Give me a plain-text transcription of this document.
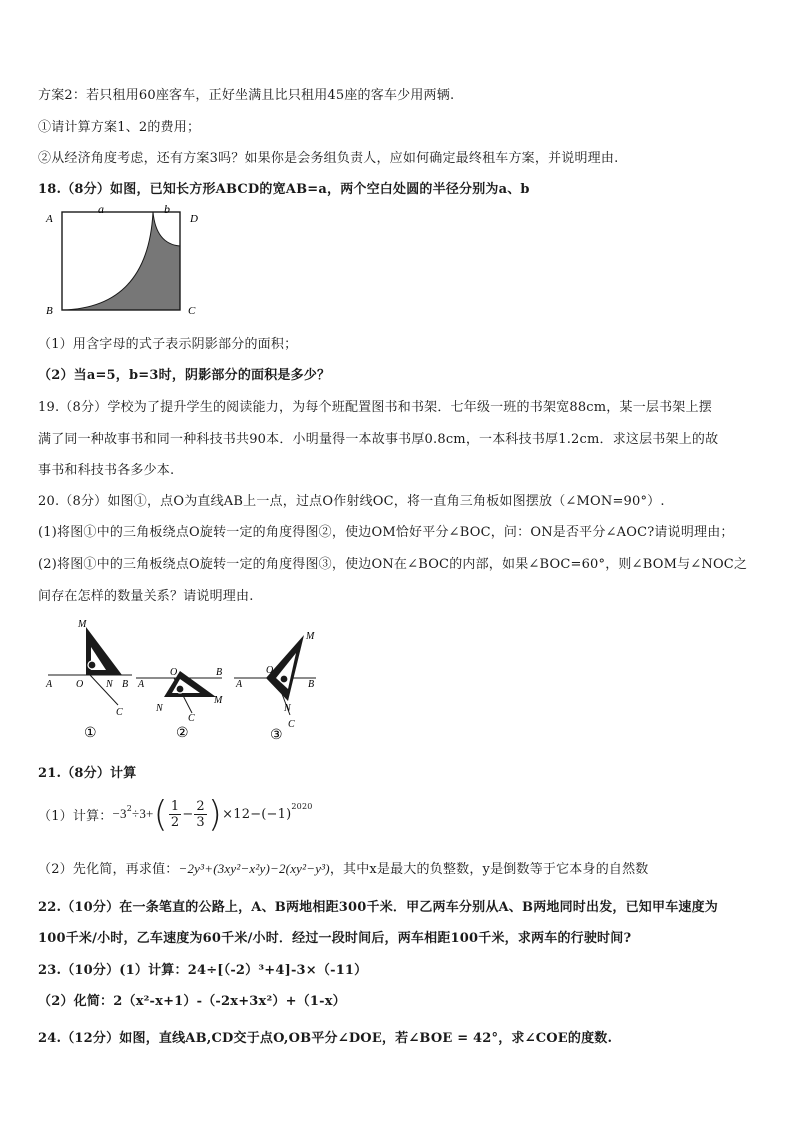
方案2：若只租用60座客车，正好坐满且比只租用45座的客车少用两辆.
①请计算方案1、2的费用；
②从经济角度考虑，还有方案3吗？如果你是会务组负责人，应如何确定最终租车方案，并说明理由.
18.（8分）如图，已知长方形ABCD的宽AB=a，两个空白处圆的半径分别为a、b
A
B	C
D
a	b
（1）用含字母的式子表示阴影部分的面积；
（2）当a=5，b=3时，阴影部分的面积是多少？
19.（8分）学校为了提升学生的阅读能力，为每个班配置图书和书架．七年级一班的书架宽88cm，某一层书架上摆
满了同一种故事书和同一种科技书共90本．小明量得一本故事书厚0.8cm，一本科技书厚1.2cm．求这层书架上的故
事书和科技书各多少本.
20.（8分）如图①，点O为直线AB上一点，过点O作射线OC，将一直角三角板如图摆放（∠MON=90°）.
(1)将图①中的三角板绕点O旋转一定的角度得图②，使边OM恰好平分∠BOC，问：ON是否平分∠AOC?请说明理由；
(2)将图①中的三角板绕点O旋转一定的角度得图③，使边ON在∠BOC的内部，如果∠BOC=60°，则∠BOM与∠NOC之
间存在怎样的数量关系？请说明理由.
M
A O N B
C
①
A
O	B
N
M
C
②
A
O
M
B
N
C
③
21.（8分）计算
（1）计算： $-3^2 \div 3+$ ( $\frac{1}{2} - \frac{2}{3}$ ) ×12−(−1)
$^{2020}$
（2）先化简，再求值：−2y³+(3xy²−x²y)−2(xy²−y³)，其中x是最大的负整数，y是倒数等于它本身的自然数
22.（10分）在一条笔直的公路上，A、B两地相距300千米．甲乙两车分别从A、B两地同时出发，已知甲车速度为
100千米/小时，乙车速度为60千米/小时．经过一段时间后，两车相距100千米，求两车的行驶时间?
23.（10分）(1）计算：24÷[（-2）³+4]-3×（-11）
（2）化简：2（x²-x+1）-（-2x+3x²）+（1-x）
24.（12分）如图，直线AB,CD交于点O,OB平分∠DOE，若∠BOE = 42°，求∠COE的度数.
